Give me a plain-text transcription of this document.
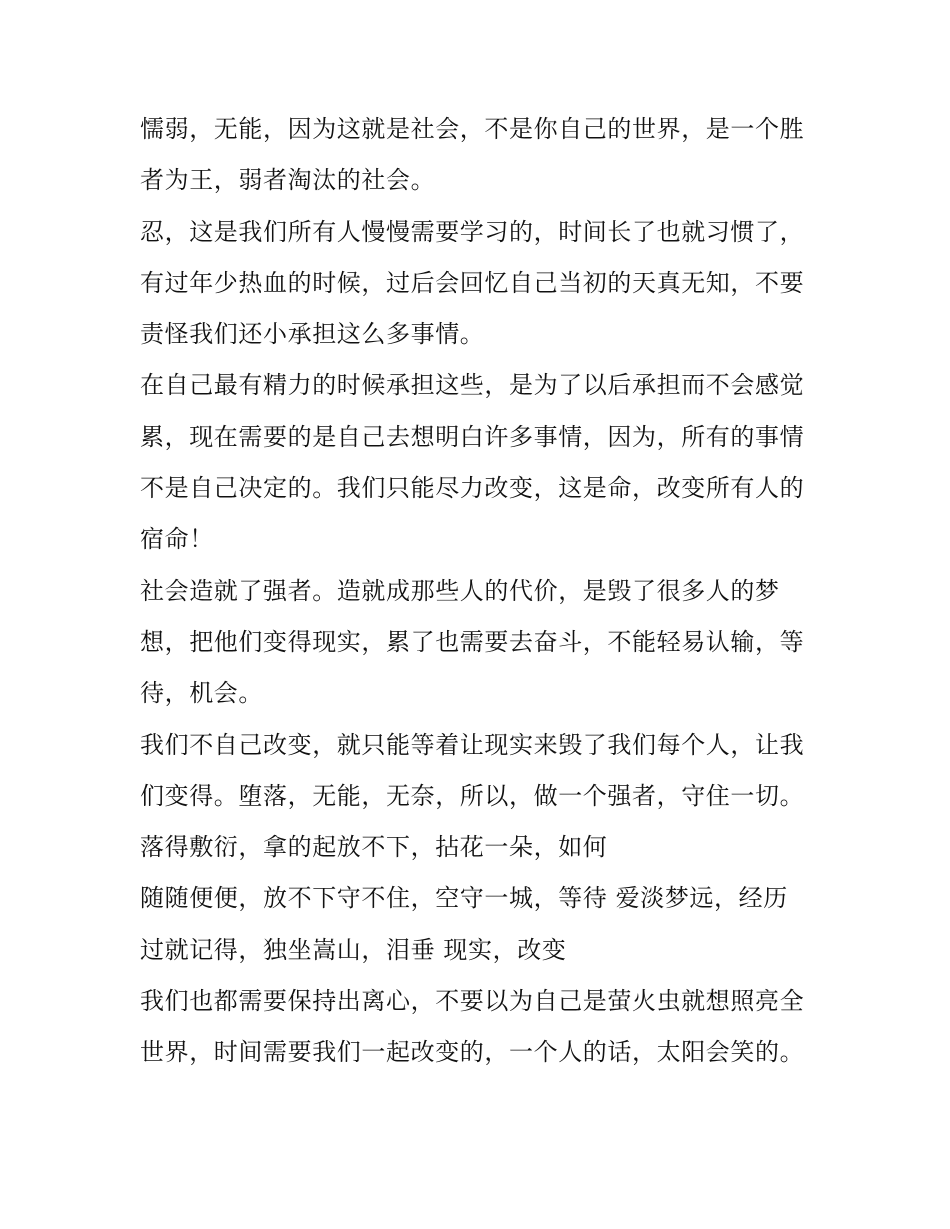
懦弱，无能，因为这就是社会，不是你自己的世界，是一个胜
者为王，弱者淘汰的社会。
忍，这是我们所有人慢慢需要学习的，时间长了也就习惯了，
有过年少热血的时候，过后会回忆自己当初的天真无知，不要
责怪我们还小承担这么多事情。
在自己最有精力的时候承担这些，是为了以后承担而不会感觉
累，现在需要的是自己去想明白许多事情，因为，所有的事情
不是自己决定的。我们只能尽力改变，这是命，改变所有人的
宿命！
社会造就了强者。造就成那些人的代价，是毁了很多人的梦
想，把他们变得现实，累了也需要去奋斗，不能轻易认输，等
待，机会。
我们不自己改变，就只能等着让现实来毁了我们每个人，让我
们变得。堕落，无能，无奈，所以，做一个强者，守住一切。
落得敷衍，拿的起放不下，拈花一朵，如何
随随便便，放不下守不住，空守一城，等待 爱淡梦远，经历
过就记得，独坐嵩山，泪垂 现实，改变
我们也都需要保持出离心，不要以为自己是萤火虫就想照亮全
世界，时间需要我们一起改变的，一个人的话，太阳会笑的。
